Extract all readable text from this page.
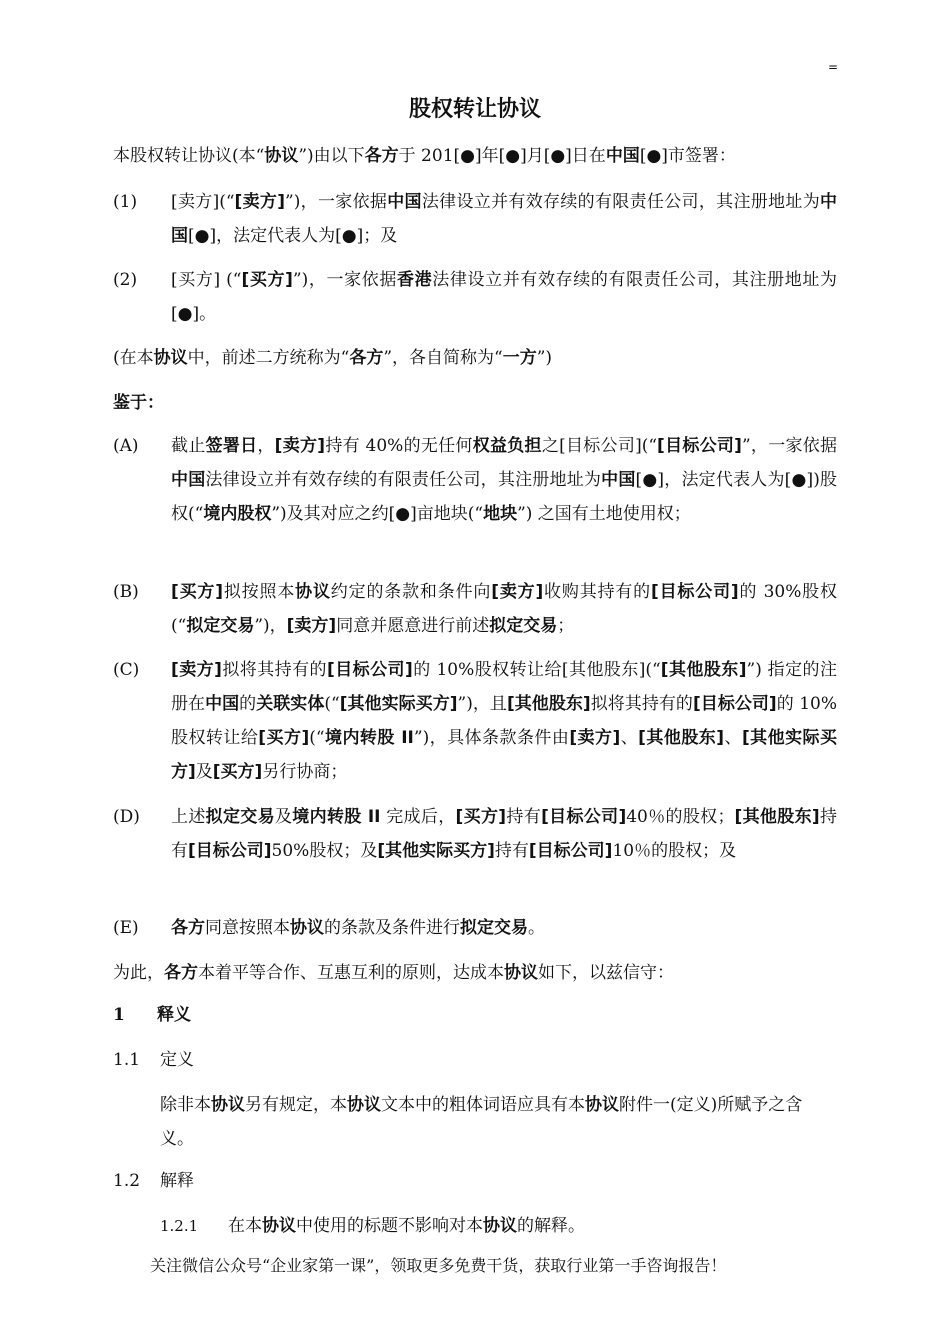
=
股权转让协议

本股权转让协议(本“协议”)由以下各方于 201[●]年[●]月[●]日在中国[●]市签署：

(1) [卖方](“[卖方]”)，一家依据中国法律设立并有效存续的有限责任公司，其注册地址为中国[●]，法定代表人为[●]；及
(2) [买方] (“[买方]”)，一家依据香港法律设立并有效存续的有限责任公司，其注册地址为[●]。

(在本协议中，前述二方统称为“各方”，各自简称为“一方”)

鉴于：

(A) 截止签署日，[卖方]持有 40%的无任何权益负担之[目标公司](“[目标公司]”，一家依据中国法律设立并有效存续的有限责任公司，其注册地址为中国[●]，法定代表人为[●])股权(“境内股权”)及其对应之约[●]亩地块(“地块”) 之国有土地使用权；
(B) [买方]拟按照本协议约定的条款和条件向[卖方]收购其持有的[目标公司]的 30%股权(“拟定交易”)，[卖方]同意并愿意进行前述拟定交易；
(C) [卖方]拟将其持有的[目标公司]的 10%股权转让给[其他股东](“[其他股东]”) 指定的注册在中国的关联实体(“[其他实际买方]”)，且[其他股东]拟将其持有的[目标公司]的 10%股权转让给[买方](“境内转股 II”)，具体条款条件由[卖方]、[其他股东]、[其他实际买方]及[买方]另行协商；
(D) 上述拟定交易及境内转股 II 完成后，[买方]持有[目标公司]40％的股权；[其他股东]持有[目标公司]50%股权；及[其他实际买方]持有[目标公司]10％的股权；及
(E) 各方同意按照本协议的条款及条件进行拟定交易。

为此，各方本着平等合作、互惠互利的原则，达成本协议如下，以兹信守：

1 释义
1.1 定义
除非本协议另有规定，本协议文本中的粗体词语应具有本协议附件一(定义)所赋予之含义。
1.2 解释
1.2.1 在本协议中使用的标题不影响对本协议的解释。
关注微信公众号“企业家第一课”，领取更多免费干货，获取行业第一手咨询报告！
